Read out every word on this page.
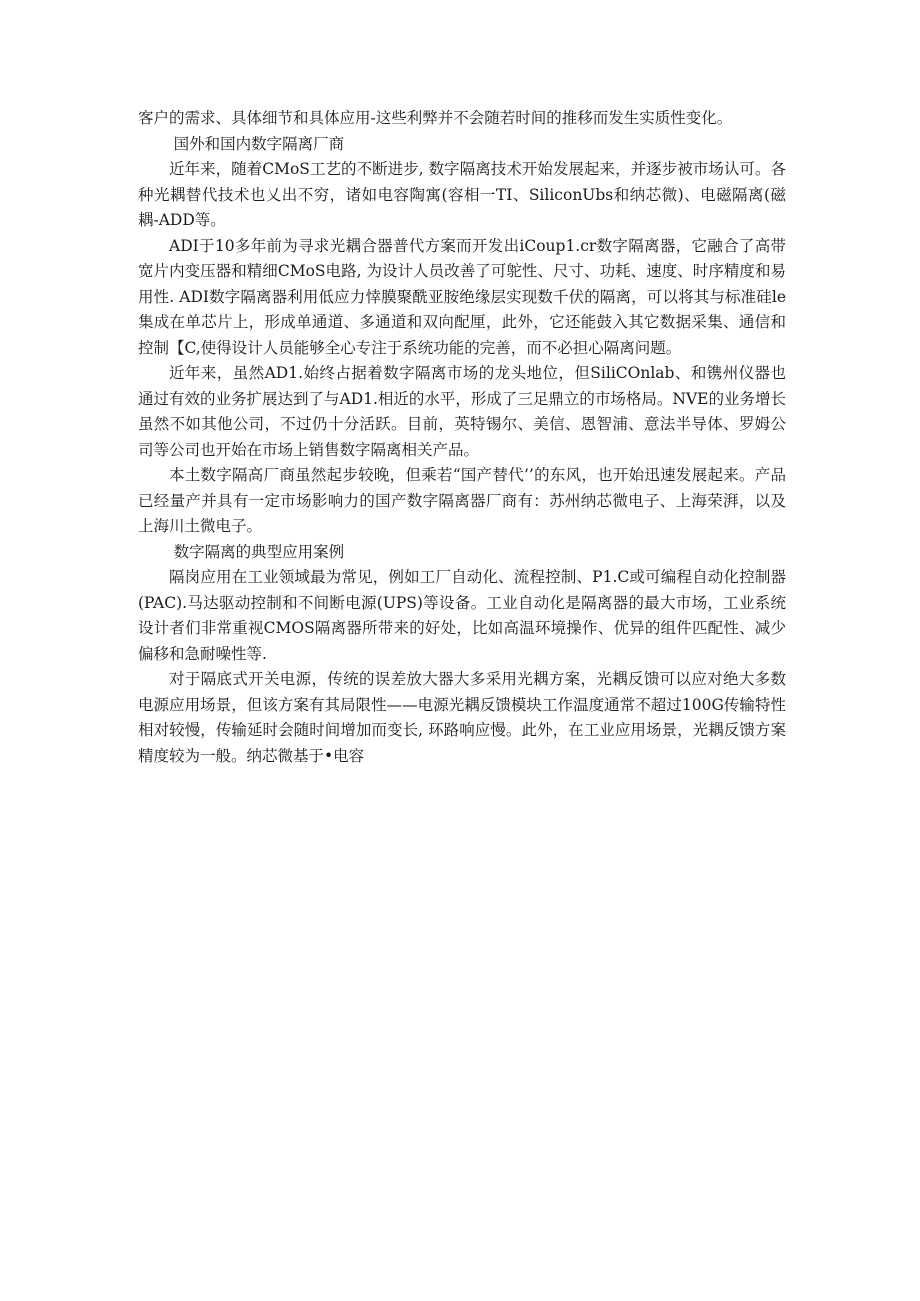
客户的需求、具体细节和具体应用-这些利弊并不会随若时间的推移而发生实质性变化。

国外和国内数字隔离厂商

近年来，随着CMoS工艺的不断进步, 数字隔离技术开始发展起来，并逐步被市场认可。各种光耦替代技术也乂出不穷，诸如电容陶寓(容相一TI、SiliconUbs和纳芯微)、电磁隔离(磁耦-ADD等。

ADI于10多年前为寻求光耦合器普代方案而开发出iCoup1.cr数字隔离器，它融合了高带宽片内变压器和精细CMoS电路, 为设计人员改善了可鸵性、尺寸、功耗、速度、时序精度和易用性. ADI数字隔离器利用低应力悻膜聚酰亚胺绝缘层实现数千伏的隔离，可以将其与标准硅le集成在单芯片上，形成单通道、多通道和双向配厘，此外，它还能鼓入其它数据采集、通信和控制【C,使得设计人员能够全心专注于系统功能的完善，而不必担心隔离问题。

近年来，虽然AD1.始终占据着数字隔离市场的龙头地位，但SiliCOnlab、和镌州仪器也通过有效的业务扩展达到了与AD1.相近的水平，形成了三足鼎立的市场格局。NVE的业务增长虽然不如其他公司，不过仍十分活跃。目前，英特锡尔、美信、恩智浦、意法半导体、罗姆公司等公司也开始在市场上销售数字隔离相关产品。

本土数字隔高厂商虽然起步较晚，但乘若“国产替代’’的东风，也开始迅速发展起来。产品已经量产并具有一定市场影响力的国产数字隔离器厂商有：苏州纳芯微电子、上海荣湃，以及上海川土微电子。

数字隔离的典型应用案例

隔岗应用在工业领域最为常见，例如工厂自动化、流程控制、P1.C或可编程自动化控制器(PAC).马达驱动控制和不间断电源(UPS)等设备。工业自动化是隔离器的最大市场，工业系统设计者们非常重视CMOS隔离器所带来的好处，比如高温环境操作、优异的组件匹配性、减少偏移和急耐噪性等.

对于隔底式开关电源，传统的误差放大器大多采用光耦方案，光耦反馈可以应对绝大多数电源应用场景，但该方案有其局限性——电源光耦反馈模块工作温度通常不超过100G传输特性相对较慢，传输延时会随时间增加而变长, 环路响应慢。此外，在工业应用场景，光耦反馈方案精度较为一般。纳芯微基于•电容
